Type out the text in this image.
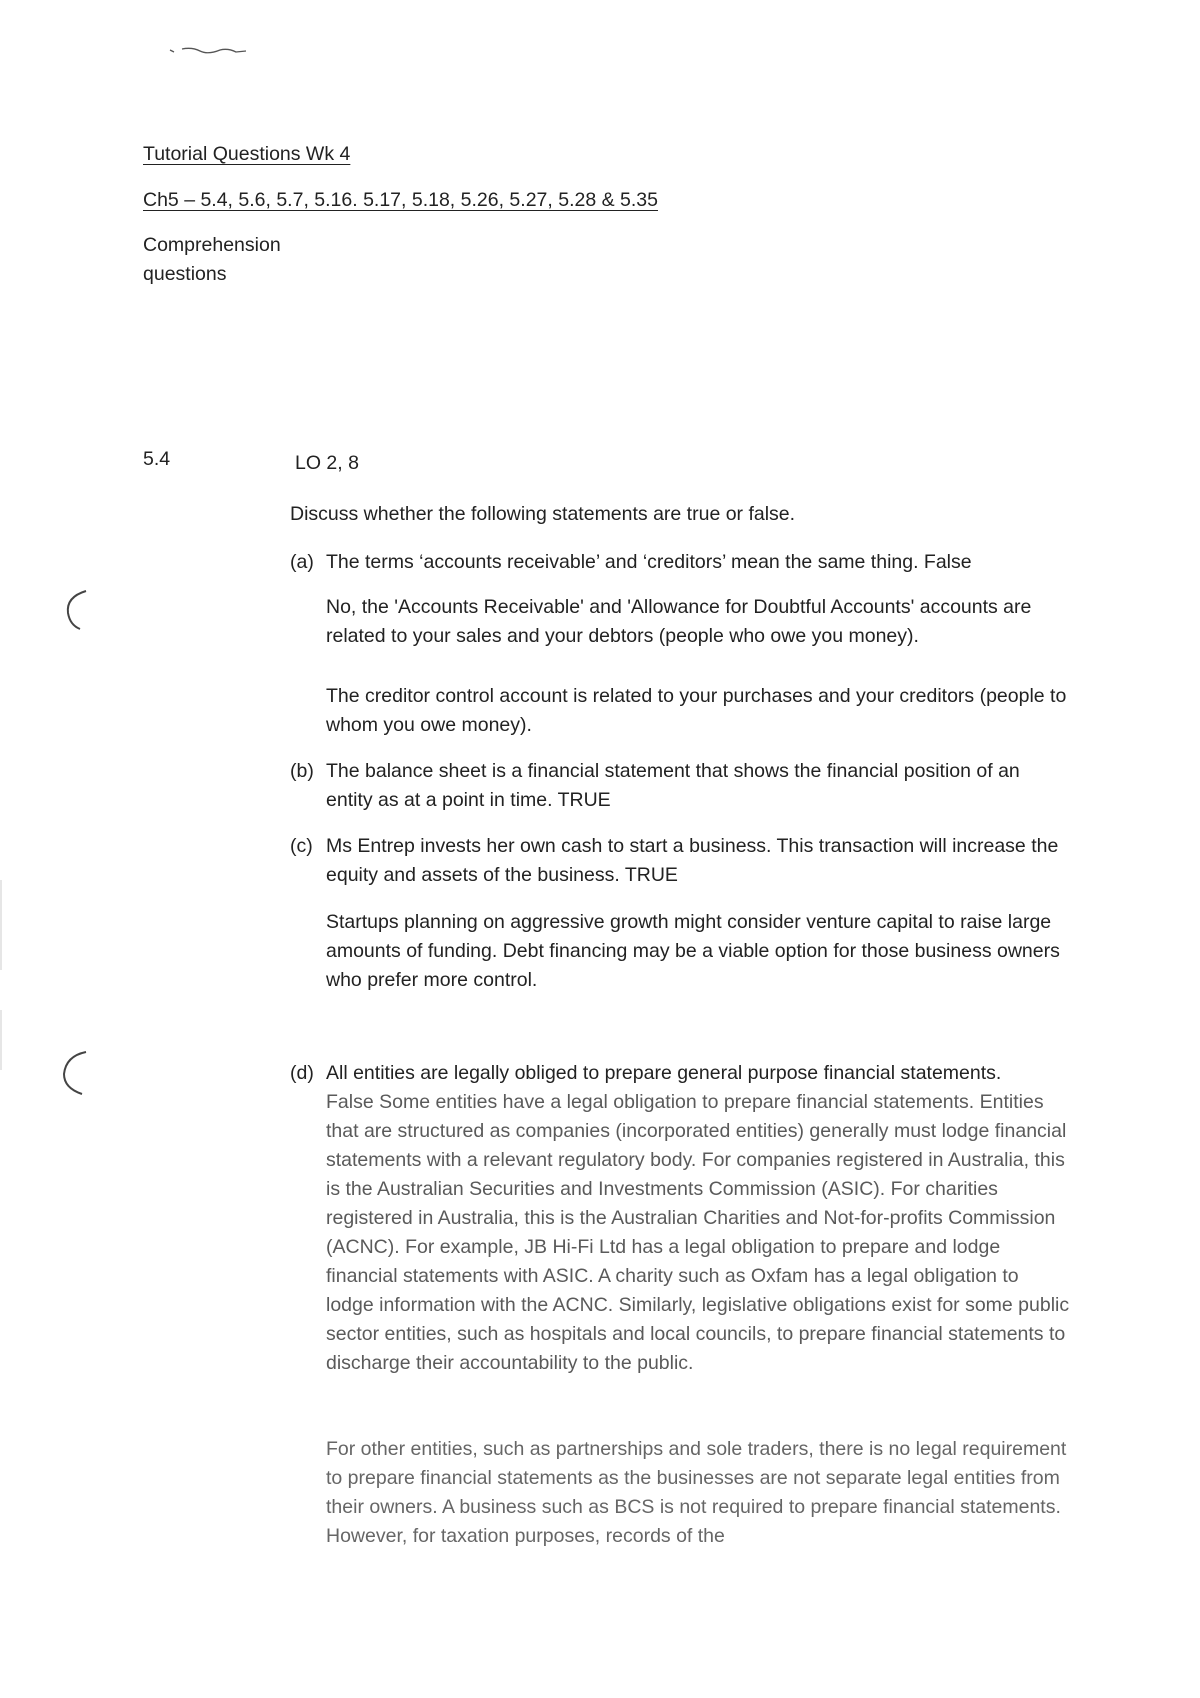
Tutorial Questions Wk 4

Ch5 – 5.4, 5.6, 5.7, 5.16. 5.17, 5.18, 5.26, 5.27, 5.28 & 5.35

Comprehension questions

5.4	LO 2, 8

Discuss whether the following statements are true or false.

(a) The terms ‘accounts receivable’ and ‘creditors’ mean the same thing. False

No, the 'Accounts Receivable' and 'Allowance for Doubtful Accounts' accounts are related to your sales and your debtors (people who owe you money).

The creditor control account is related to your purchases and your creditors (people to whom you owe money).

(b) The balance sheet is a financial statement that shows the financial position of an entity as at a point in time. TRUE
(c) Ms Entrep invests her own cash to start a business. This transaction will increase the equity and assets of the business. TRUE

Startups planning on aggressive growth might consider venture capital to raise large amounts of funding. Debt financing may be a viable option for those business owners who prefer more control.

(d) All entities are legally obliged to prepare general purpose financial statements.

False Some entities have a legal obligation to prepare financial statements. Entities that are structured as companies (incorporated entities) generally must lodge financial statements with a relevant regulatory body. For companies registered in Australia, this is the Australian Securities and Investments Commission (ASIC). For charities registered in Australia, this is the Australian Charities and Not-for-profits Commission (ACNC). For example, JB Hi-Fi Ltd has a legal obligation to prepare and lodge financial statements with ASIC. A charity such as Oxfam has a legal obligation to lodge information with the ACNC. Similarly, legislative obligations exist for some public sector entities, such as hospitals and local councils, to prepare financial statements to discharge their accountability to the public.

For other entities, such as partnerships and sole traders, there is no legal requirement to prepare financial statements as the businesses are not separate legal entities from their owners. A business such as BCS is not required to prepare financial statements. However, for taxation purposes, records of the
